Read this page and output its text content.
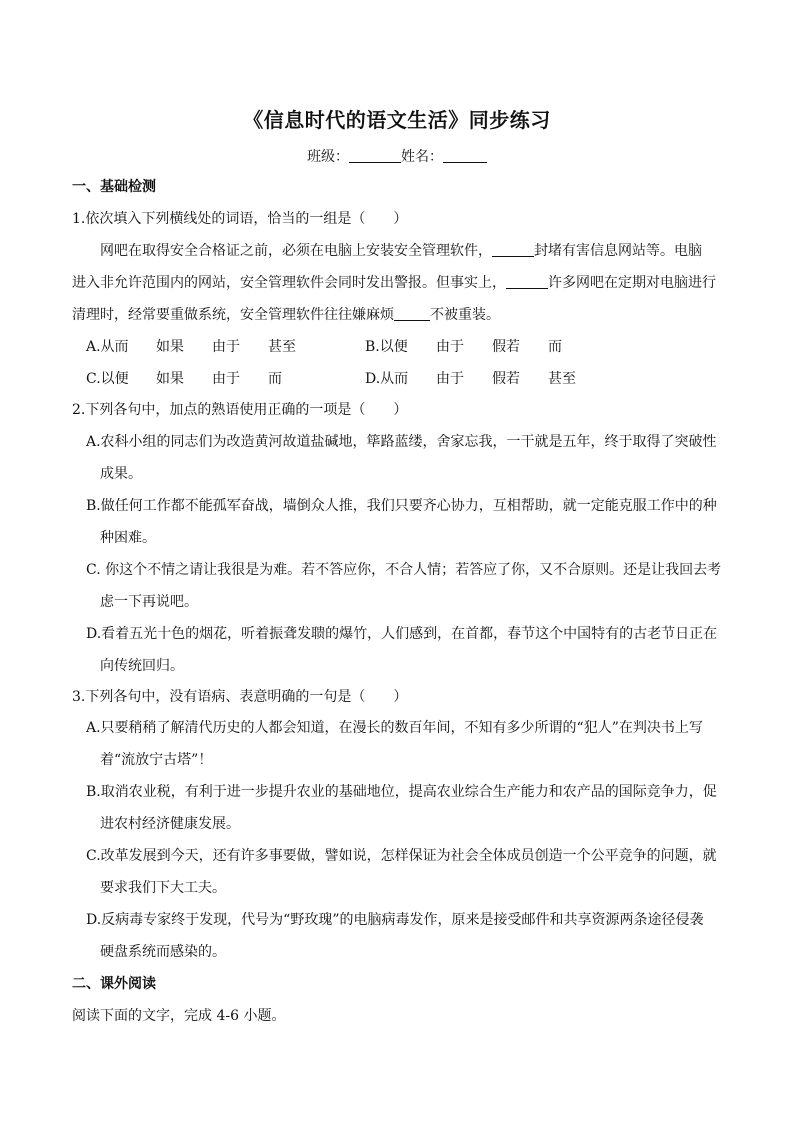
《信息时代的语文生活》同步练习
班级：	姓名：
一、基础检测
1.依次填入下列横线处的词语，恰当的一组是（　　）
网吧在取得安全合格证之前，必须在电脑上安装安全管理软件，	封堵有害信息网站等。电脑
进入非允许范围内的网站，安全管理软件会同时发出警报。但事实上，	许多网吧在定期对电脑进行
清理时，经常要重做系统，安全管理软件往往嫌麻烦	不被重装。
A.从而 如果 由于 甚至	B.以便 由于 假若 而
C.以便 如果 由于 而	D.从而 由于 假若 甚至
2.下列各句中，加点的熟语使用正确的一项是（　　）
A.农科小组的同志们为改造黄河故道盐碱地，筚路蓝缕，舍家忘我，一干就是五年，终于取得了突破性
成果。
B.做任何工作都不能孤军奋战，墙倒众人推，我们只要齐心协力，互相帮助，就一定能克服工作中的种
种困难。
C. 你这个不情之请让我很是为难。若不答应你，不合人情；若答应了你，又不合原则。还是让我回去考
虑一下再说吧。
D.看着五光十色的烟花，听着振聋发聩的爆竹，人们感到，在首都，春节这个中国特有的古老节日正在
向传统回归。
3.下列各句中，没有语病、表意明确的一句是（　　）
A.只要稍稍了解清代历史的人都会知道，在漫长的数百年间，不知有多少所谓的“犯人”在判决书上写
着“流放宁古塔”！
B.取消农业税，有利于进一步提升农业的基础地位，提高农业综合生产能力和农产品的国际竞争力，促
进农村经济健康发展。
C.改革发展到今天，还有许多事要做，譬如说，怎样保证为社会全体成员创造一个公平竞争的问题，就
要求我们下大工夫。
D.反病毒专家终于发现，代号为“野玫瑰”的电脑病毒发作，原来是接受邮件和共享资源两条途径侵袭
硬盘系统而感染的。
二、课外阅读
阅读下面的文字，完成 4-6 小题。
